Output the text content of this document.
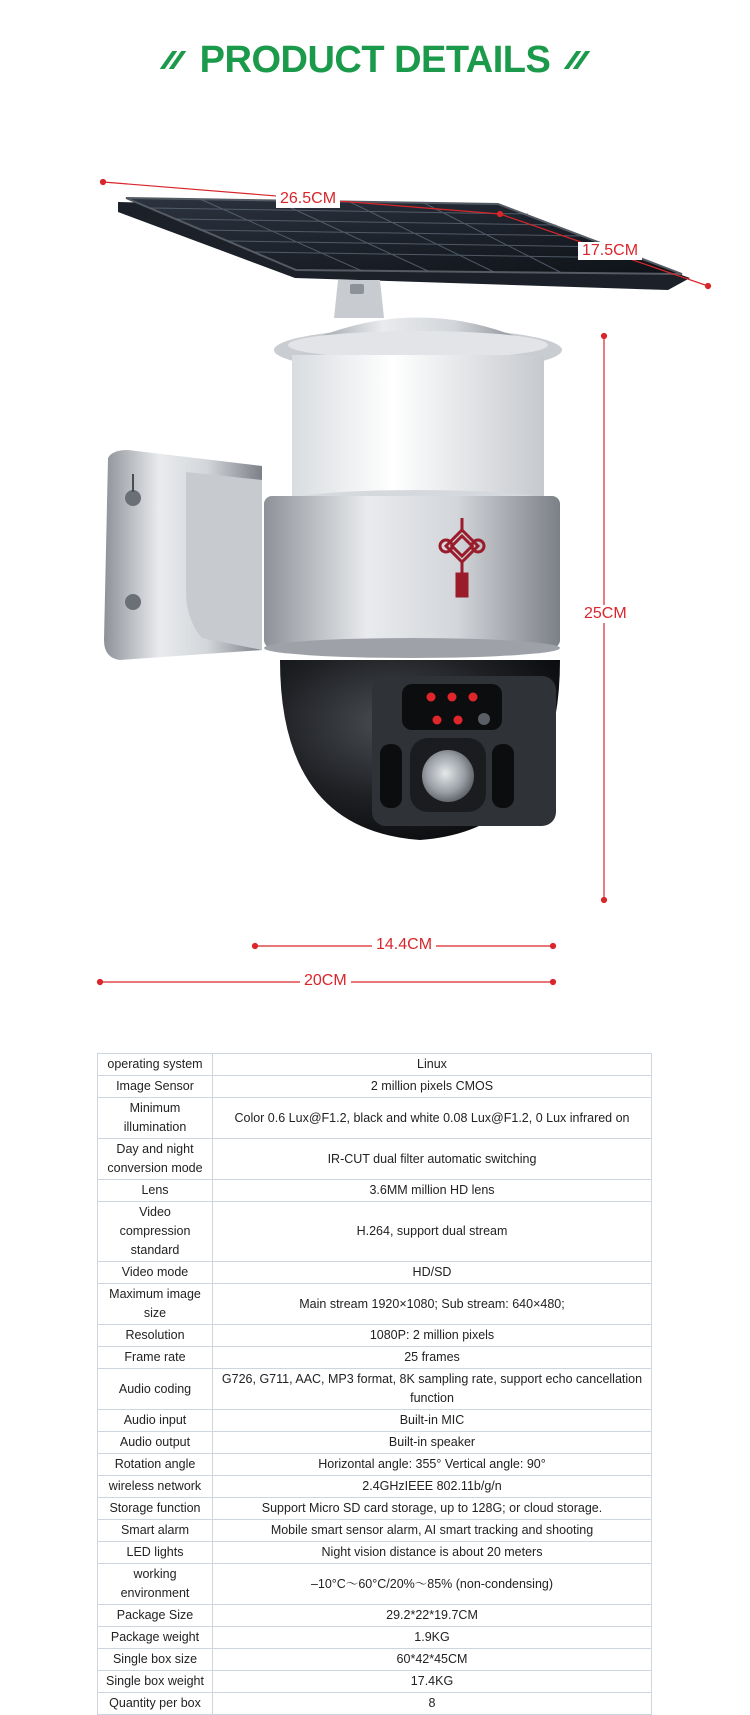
PRODUCT DETAILS
26.5CM
17.5CM
25CM
14.4CM
20CM
operating system	Linux
Image Sensor	2 million pixels CMOS
Minimum illumination	Color 0.6 Lux@F1.2, black and white 0.08 Lux@F1.2, 0 Lux infrared on
Day and night conversion mode	IR-CUT dual filter automatic switching
Lens	3.6MM million HD lens
Video compression standard	H.264, support dual stream
Video mode	HD/SD
Maximum image size	Main stream 1920×1080; Sub stream: 640×480;
Resolution	1080P: 2 million pixels
Frame rate	25 frames
Audio coding	G726, G711, AAC, MP3 format, 8K sampling rate, support echo cancellation function
Audio input	Built-in MIC
Audio output	Built-in speaker
Rotation angle	Horizontal angle: 355° Vertical angle: 90°
wireless network	2.4GHzIEEE 802.11b/g/n
Storage function	Support Micro SD card storage, up to 128G; or cloud storage.
Smart alarm	Mobile smart sensor alarm, AI smart tracking and shooting
LED lights	Night vision distance is about 20 meters
working environment	–10°C～60°C/20%～85% (non-condensing)
Package Size	29.2*22*19.7CM
Package weight	1.9KG
Single box size	60*42*45CM
Single box weight	17.4KG
Quantity per box	8
